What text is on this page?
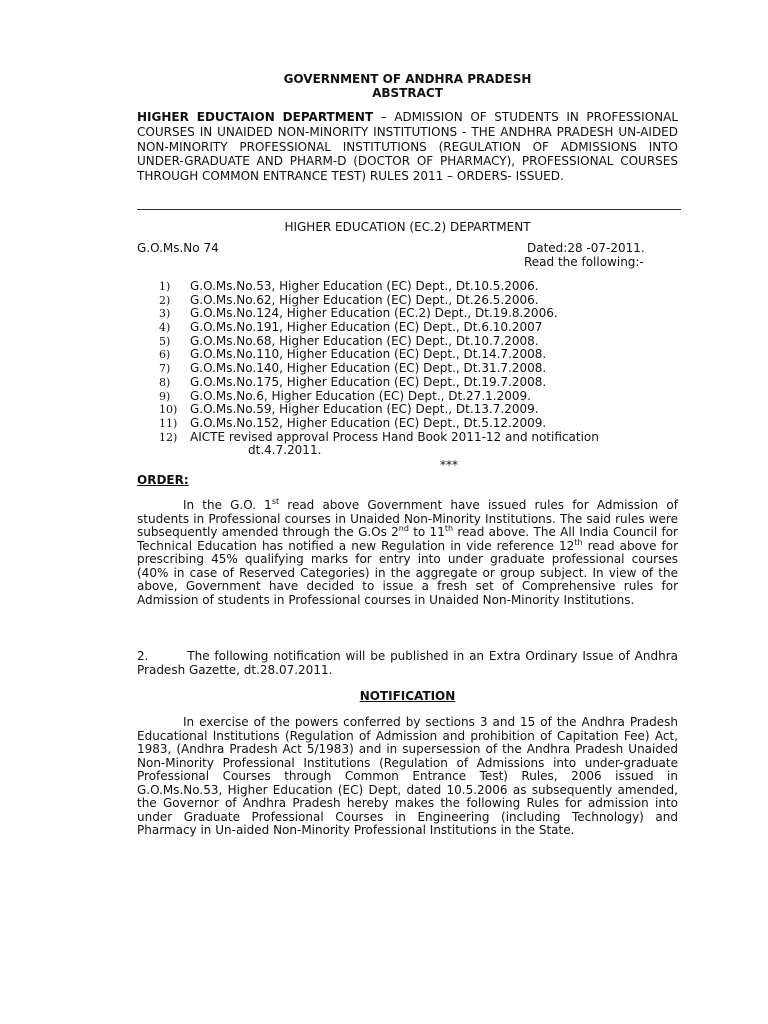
GOVERNMENT OF ANDHRA PRADESH
ABSTRACT
HIGHER EDUCTAION DEPARTMENT – ADMISSION OF STUDENTS IN PROFESSIONAL COURSES IN UNAIDED NON-MINORITY INSTITUTIONS - THE ANDHRA PRADESH UN-AIDED NON-MINORITY PROFESSIONAL INSTITUTIONS (REGULATION OF ADMISSIONS INTO UNDER-GRADUATE AND PHARM-D (DOCTOR OF PHARMACY), PROFESSIONAL COURSES THROUGH COMMON ENTRANCE TEST) RULES 2011 – ORDERS- ISSUED.
HIGHER EDUCATION (EC.2) DEPARTMENT
G.O.Ms.No 74	Dated:28 -07-2011.
Read the following:-
1) G.O.Ms.No.53, Higher Education (EC) Dept., Dt.10.5.2006.
2) G.O.Ms.No.62, Higher Education (EC) Dept., Dt.26.5.2006.
3) G.O.Ms.No.124, Higher Education (EC.2) Dept., Dt.19.8.2006.
4) G.O.Ms.No.191, Higher Education (EC) Dept., Dt.6.10.2007
5) G.O.Ms.No.68, Higher Education (EC) Dept., Dt.10.7.2008.
6) G.O.Ms.No.110, Higher Education (EC) Dept., Dt.14.7.2008.
7) G.O.Ms.No.140, Higher Education (EC) Dept., Dt.31.7.2008.
8) G.O.Ms.No.175, Higher Education (EC) Dept., Dt.19.7.2008.
9) G.O.Ms.No.6, Higher Education (EC) Dept., Dt.27.1.2009.
10) G.O.Ms.No.59, Higher Education (EC) Dept., Dt.13.7.2009.
11) G.O.Ms.No.152, Higher Education (EC) Dept., Dt.5.12.2009.
12) AICTE revised approval Process Hand Book 2011-12 and notification
dt.4.7.2011.
***
ORDER:
In the G.O. 1st read above Government have issued rules for Admission of students in Professional courses in Unaided Non-Minority Institutions. The said rules were subsequently amended through the G.Os 2nd to 11th read above. The All India Council for Technical Education has notified a new Regulation in vide reference 12th read above for prescribing 45% qualifying marks for entry into under graduate professional courses (40% in case of Reserved Categories) in the aggregate or group subject. In view of the above, Government have decided to issue a fresh set of Comprehensive rules for Admission of students in Professional courses in Unaided Non-Minority Institutions.
2.        The following notification will be published in an Extra Ordinary Issue of Andhra Pradesh Gazette, dt.28.07.2011.
NOTIFICATION
In exercise of the powers conferred by sections 3 and 15 of the Andhra Pradesh Educational Institutions (Regulation of Admission and prohibition of Capitation Fee) Act, 1983, (Andhra Pradesh Act 5/1983) and in supersession of the Andhra Pradesh Unaided Non-Minority Professional Institutions (Regulation of Admissions into under-graduate Professional Courses through Common Entrance Test) Rules, 2006 issued in G.O.Ms.No.53, Higher Education (EC) Dept, dated 10.5.2006 as subsequently amended, the Governor of Andhra Pradesh hereby makes the following Rules for admission into under Graduate Professional Courses in Engineering (including Technology) and Pharmacy in Un-aided Non-Minority Professional Institutions in the State.
